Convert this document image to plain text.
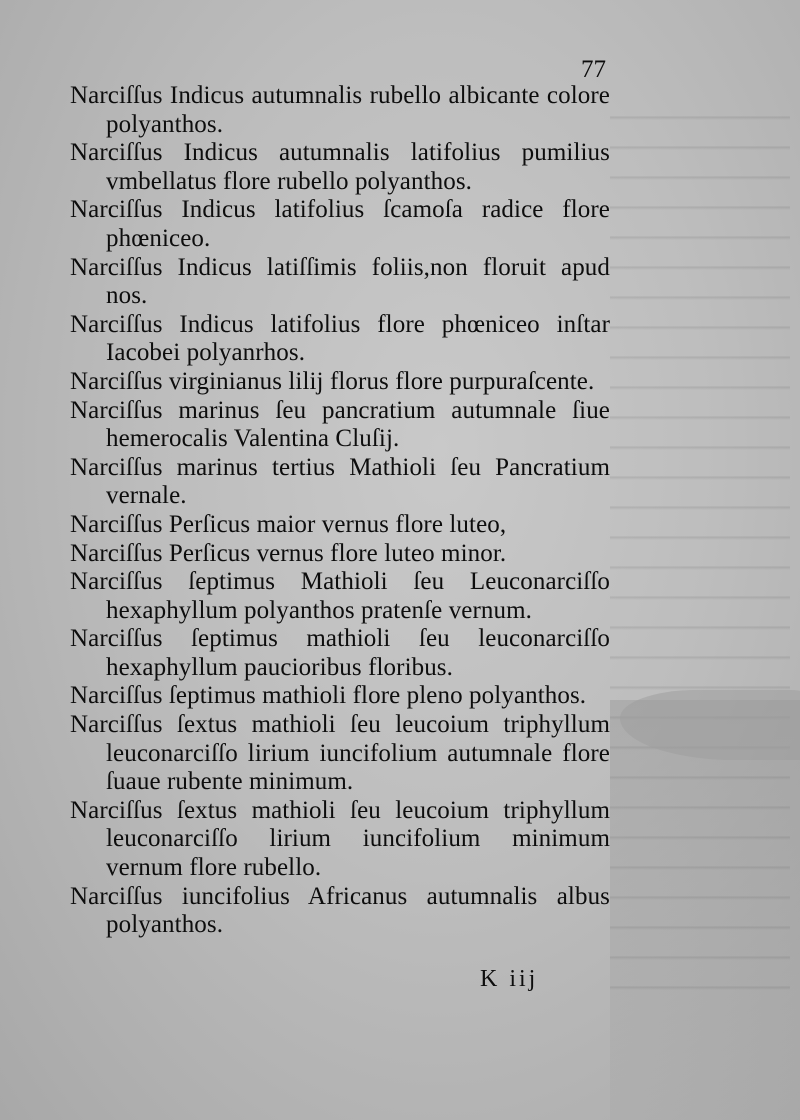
77
Narciſſus Indicus autumnalis rubello albicante colore polyanthos.
Narciſſus Indicus autumnalis latifolius pumilius vmbellatus flore rubello polyanthos.
Narciſſus Indicus latifolius ſcamoſa radice flore phœniceo.
Narciſſus Indicus latiſſimis foliis,non floruit apud nos.
Narciſſus Indicus latifolius flore phœniceo inſtar Iacobei polyanrhos.
Narciſſus virginianus lilij florus flore purpuraſcente.
Narciſſus marinus ſeu pancratium autumnale ſiue hemerocalis Valentina Cluſij.
Narciſſus marinus tertius Mathioli ſeu Pancratium vernale.
Narciſſus Perſicus maior vernus flore luteo,
Narciſſus Perſicus vernus flore luteo minor.
Narciſſus ſeptimus Mathioli ſeu Leuconarciſſo hexaphyllum polyanthos pratenſe vernum.
Narciſſus ſeptimus mathioli ſeu leuconarciſſo hexaphyllum paucioribus floribus.
Narciſſus ſeptimus mathioli flore pleno polyanthos.
Narciſſus ſextus mathioli ſeu leucoium triphyllum leuconarciſſo lirium iuncifolium autumnale flore ſuaue rubente minimum.
Narciſſus ſextus mathioli ſeu leucoium triphyllum leuconarciſſo lirium iuncifolium minimum vernum flore rubello.
Narciſſus iuncifolius Africanus autumnalis albus polyanthos.
K iij
